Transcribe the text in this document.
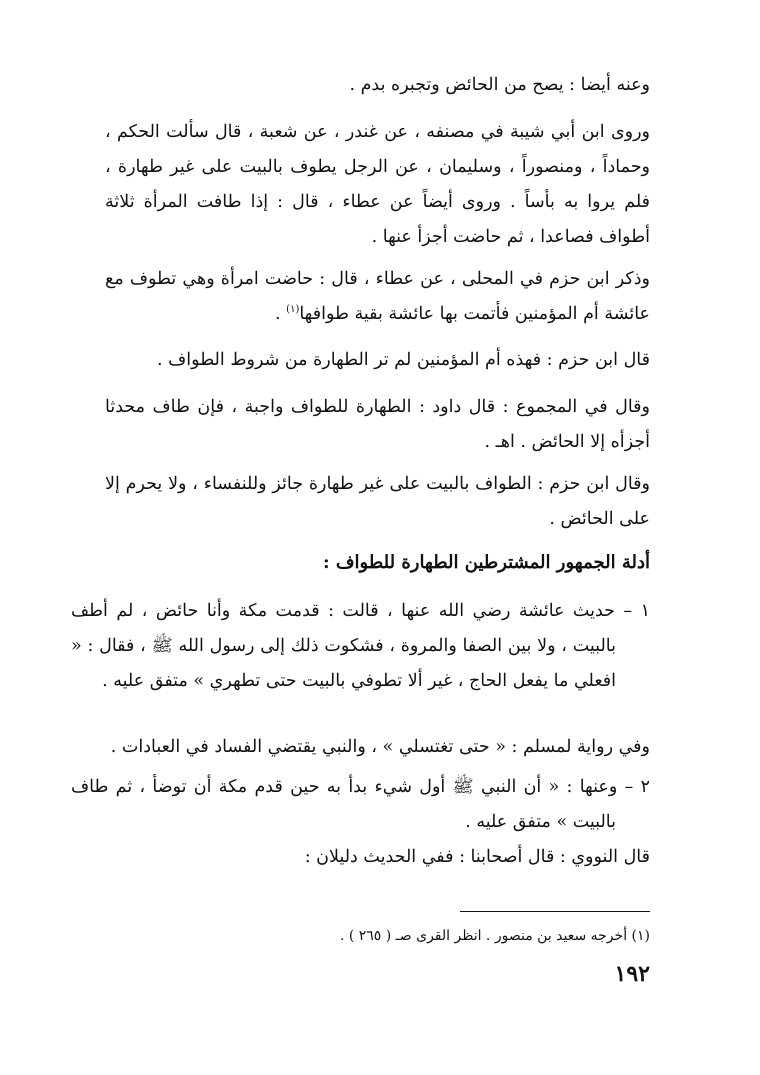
وعنه أيضا : يصح من الحائض وتجبره بدم .

وروى ابن أبي شيبة في مصنفه ، عن غندر ، عن شعبة ، قال سألت الحكم ، وحماداً ، ومنصوراً ، وسليمان ، عن الرجل يطوف بالبيت على غير طهارة ، فلم يروا به بأساً . وروى أيضاً عن عطاء ، قال : إذا طافت المرأة ثلاثة أطواف فصاعدا ، ثم حاضت أجزأ عنها .

وذكر ابن حزم في المحلى ، عن عطاء ، قال : حاضت امرأة وهي تطوف مع عائشة أم المؤمنين فأتمت بها عائشة بقية طوافها$^{(١)}$ .

قال ابن حزم : فهذه أم المؤمنين لم تر الطهارة من شروط الطواف .

وقال في المجموع : قال داود : الطهارة للطواف واجبة ، فإن طاف محدثا أجزأه إلا الحائض . اهـ .

وقال ابن حزم : الطواف بالبيت على غير طهارة جائز وللنفساء ، ولا يحرم إلا على الحائض .

أدلة الجمهور المشترطين الطهارة للطواف :

١ – حديث عائشة رضي الله عنها ، قالت : قدمت مكة وأنا حائض ، لم أطف بالبيت ، ولا بين الصفا والمروة ، فشكوت ذلك إلى رسول الله ﷺ ، فقال : « افعلي ما يفعل الحاج ، غير ألا تطوفي بالبيت حتى تطهري » متفق عليه .

وفي رواية لمسلم : « حتى تغتسلي » ، والنبي يقتضي الفساد في العبادات .

٢ – وعنها : « أن النبي ﷺ أول شيء بدأ به حين قدم مكة أن توضأ ، ثم طاف بالبيت » متفق عليه .

قال النووي : قال أصحابنا : ففي الحديث دليلان :

(١) أخرجه سعيد بن منصور . انظر القرى صـ ( ٢٦٥ ) .

١٩٢
